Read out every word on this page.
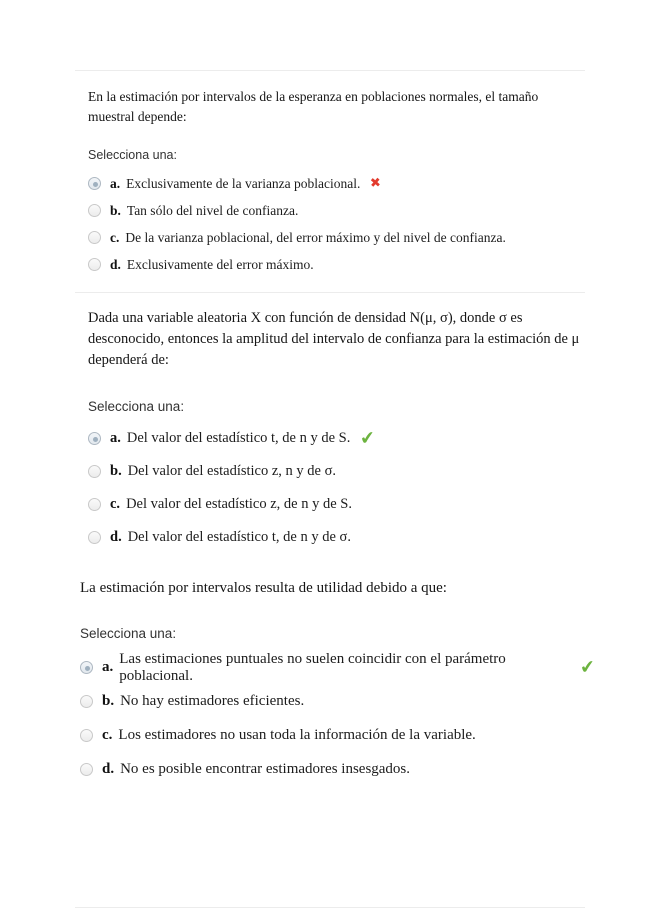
En la estimación por intervalos de la esperanza en poblaciones normales, el tamaño muestral depende:

Selecciona una:

a. Exclusivamente de la varianza poblacional. ✖
b. Tan sólo del nivel de confianza.
c. De la varianza poblacional, del error máximo y del nivel de confianza.
d. Exclusivamente del error máximo.

Dada una variable aleatoria X con función de densidad N(μ, σ), donde σ es desconocido, entonces la amplitud del intervalo de confianza para la estimación de μ dependerá de:

Selecciona una:

a. Del valor del estadístico t, de n y de S. ✔
b. Del valor del estadístico z, n y de σ.
c. Del valor del estadístico z, de n y de S.
d. Del valor del estadístico t, de n y de σ.

La estimación por intervalos resulta de utilidad debido a que:

Selecciona una:

a.
Las estimaciones puntuales no suelen coincidir con el parámetro poblacional.	✔
b. No hay estimadores eficientes.
c. Los estimadores no usan toda la información de la variable.
d. No es posible encontrar estimadores insesgados.
